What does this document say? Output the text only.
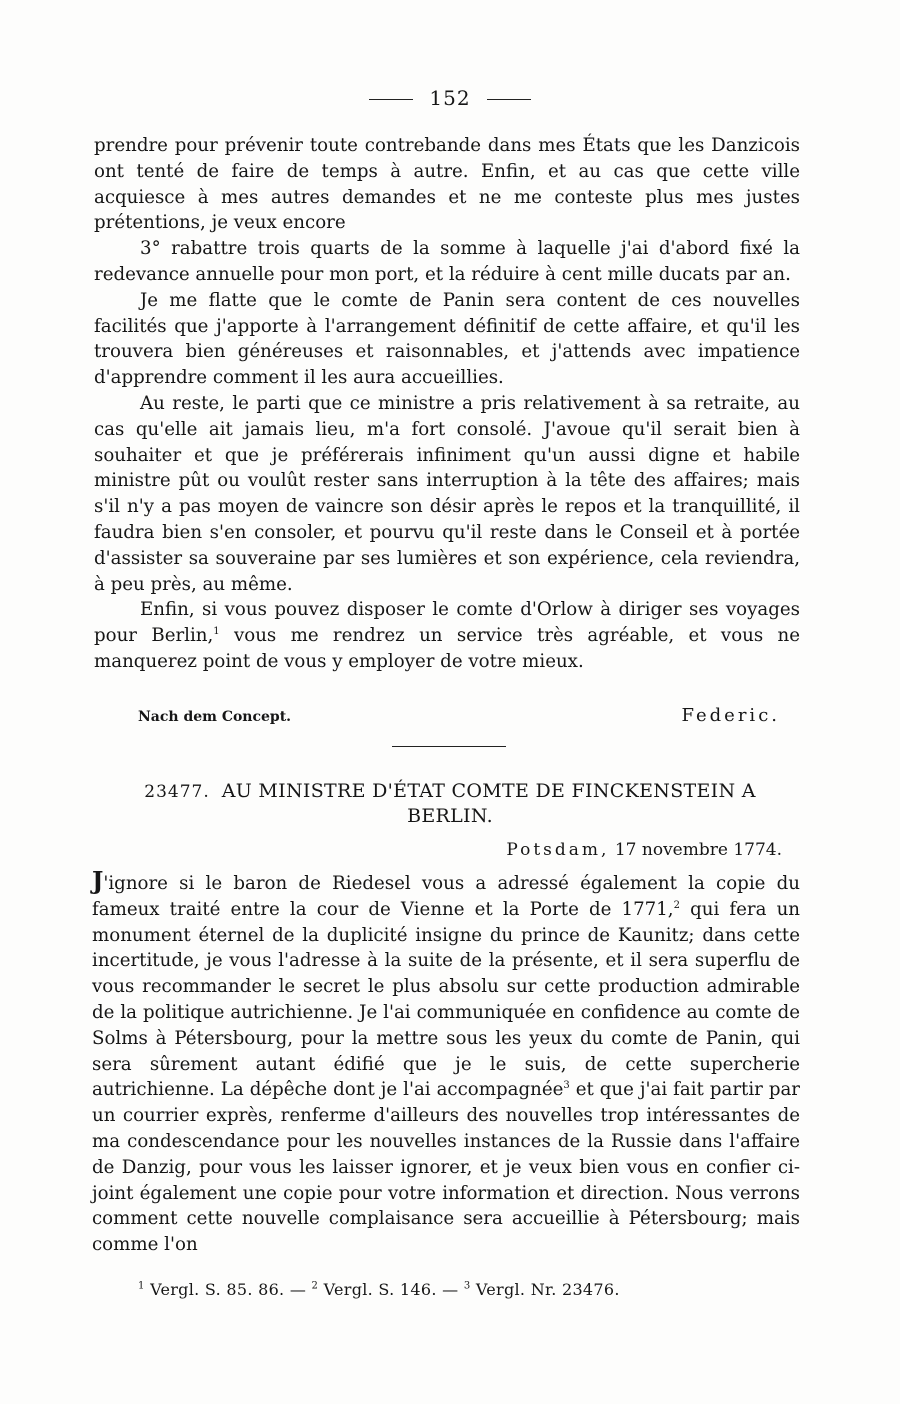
152

prendre pour prévenir toute contrebande dans mes États que les Danzicois ont tenté de faire de temps à autre. Enfin, et au cas que cette ville acquiesce à mes autres demandes et ne me conteste plus mes justes prétentions, je veux encore

3° rabattre trois quarts de la somme à laquelle j'ai d'abord fixé la redevance annuelle pour mon port, et la réduire à cent mille ducats par an.

Je me flatte que le comte de Panin sera content de ces nouvelles facilités que j'apporte à l'arrangement définitif de cette affaire, et qu'il les trouvera bien généreuses et raisonnables, et j'attends avec impatience d'apprendre comment il les aura accueillies.

Au reste, le parti que ce ministre a pris relativement à sa retraite, au cas qu'elle ait jamais lieu, m'a fort consolé. J'avoue qu'il serait bien à souhaiter et que je préférerais infiniment qu'un aussi digne et habile ministre pût ou voulût rester sans interruption à la tête des affaires; mais s'il n'y a pas moyen de vaincre son désir après le repos et la tranquillité, il faudra bien s'en consoler, et pourvu qu'il reste dans le Conseil et à portée d'assister sa souveraine par ses lumières et son expérience, cela reviendra, à peu près, au même.

Enfin, si vous pouvez disposer le comte d'Orlow à diriger ses voyages pour Berlin,$^1$ vous me rendrez un service très agréable, et vous ne manquerez point de vous y employer de votre mieux.

Nach dem Concept.	Federic.
23477. AU MINISTRE D'ÉTAT COMTE DE FINCKENSTEIN A BERLIN.
Potsdam, 17 novembre 1774.

J'ignore si le baron de Riedesel vous a adressé également la copie du fameux traité entre la cour de Vienne et la Porte de 1771,$^2$ qui fera un monument éternel de la duplicité insigne du prince de Kaunitz; dans cette incertitude, je vous l'adresse à la suite de la présente, et il sera superflu de vous recommander le secret le plus absolu sur cette production admirable de la politique autrichienne. Je l'ai communiquée en confidence au comte de Solms à Pétersbourg, pour la mettre sous les yeux du comte de Panin, qui sera sûrement autant édifié que je le suis, de cette supercherie autrichienne. La dépêche dont je l'ai accompagnée$^3$ et que j'ai fait partir par un courrier exprès, renferme d'ailleurs des nouvelles trop intéressantes de ma condescendance pour les nouvelles instances de la Russie dans l'affaire de Danzig, pour vous les laisser ignorer, et je veux bien vous en confier ci-joint également une copie pour votre information et direction. Nous verrons comment cette nouvelle complaisance sera accueillie à Pétersbourg; mais comme l'on

$^1$ Vergl. S. 85. 86. — $^2$ Vergl. S. 146. — $^3$ Vergl. Nr. 23476.
